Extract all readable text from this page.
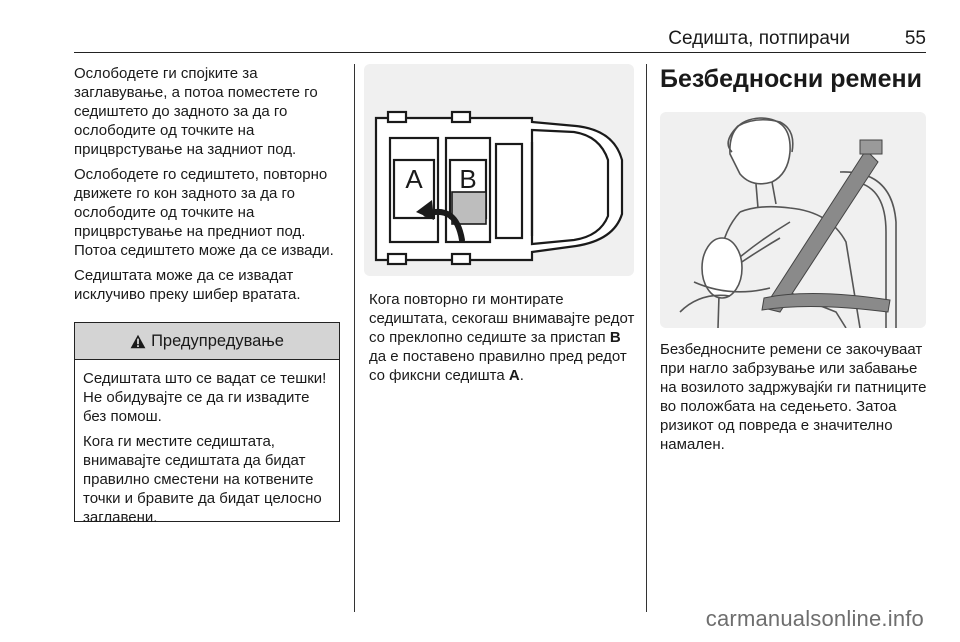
Седишта, потпирачи	55

Ослободете ги спојките за заглавување, а потоа поместете го седиштето до задното за да го ослободите од точките на прицврстување на задниот под.

Ослободете го седиштето, повторно движете го кон задното за да го ослободите од точките на прицврстување на предниот под. Потоа седиштето може да се извади.

Седиштата може да се извадат исклучиво преку шибер вратата.

Предупредување

Седиштата што се вадат се тешки! Не обидувајте се да ги извадите без помош.

Кога ги местите седиштата, внимавајте седиштата да бидат правилно сместени на котвените точки и бравите да бидат целосно заглавени.

A B

Кога повторно ги монтирате седиштата, секогаш внимавајте редот со преклопно седиште за пристап B да е поставено правилно пред редот со фиксни седишта A.

Безбедносни ремени

Безбедносните ремени се закочуваат при нагло забрзување или забавање на возилото задржувајќи ги патниците во положбата на седењето. Затоа ризикот од повреда е значително намален.

carmanualsonline.info
